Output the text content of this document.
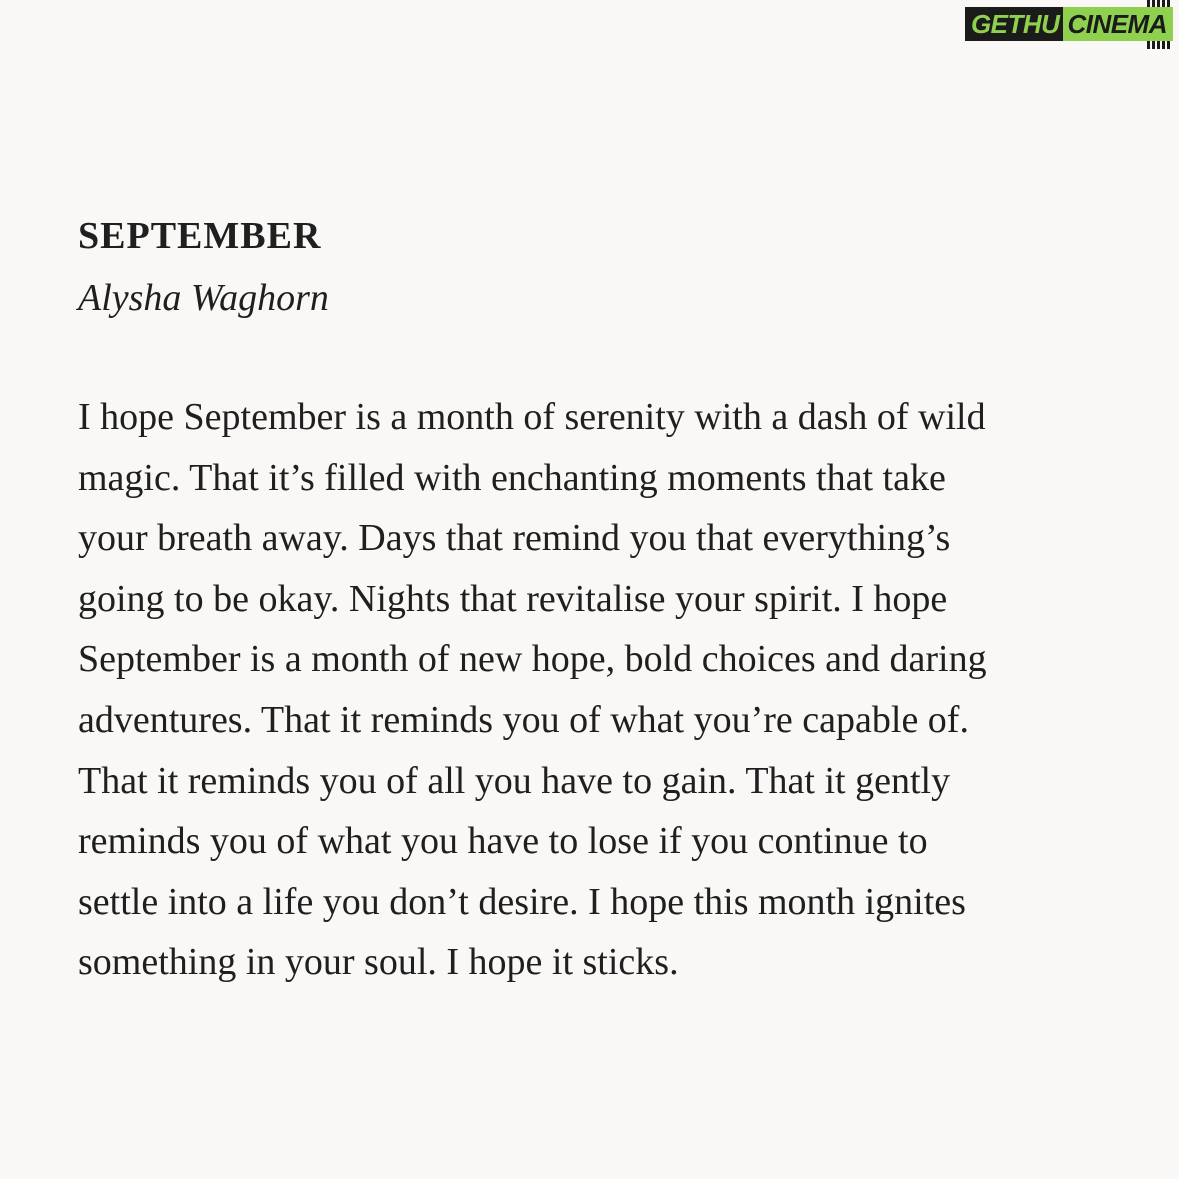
GETHU CINEMA
SEPTEMBER

Alysha Waghorn

I hope September is a month of serenity with a dash of wild
magic. That it’s filled with enchanting moments that take
your breath away. Days that remind you that everything’s
going to be okay. Nights that revitalise your spirit. I hope
September is a month of new hope, bold choices and daring
adventures. That it reminds you of what you’re capable of.
That it reminds you of all you have to gain. That it gently
reminds you of what you have to lose if you continue to
settle into a life you don’t desire. I hope this month ignites
something in your soul. I hope it sticks.
